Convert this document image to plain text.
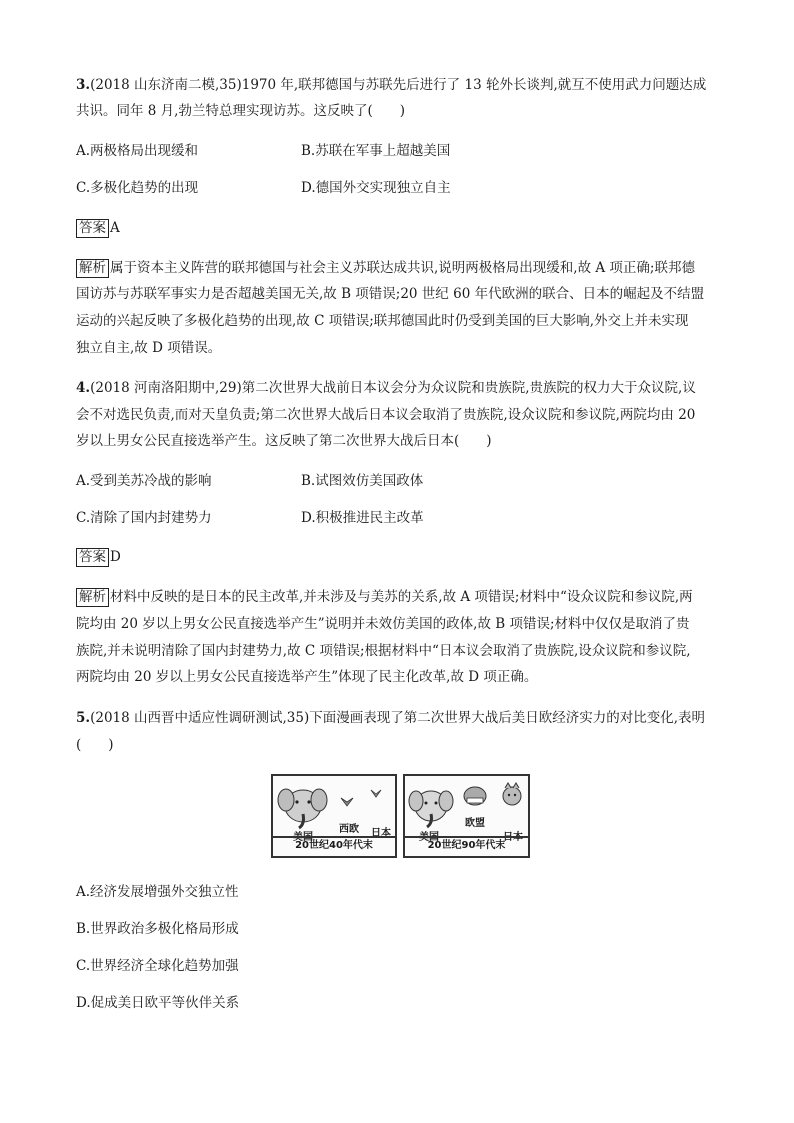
3.(2018 山东济南二模,35)1970 年,联邦德国与苏联先后进行了 13 轮外长谈判,就互不使用武力问题达成
共识。同年 8 月,勃兰特总理实现访苏。这反映了(　　)
A.两极格局出现缓和	B.苏联在军事上超越美国
C.多极化趋势的出现	D.德国外交实现独立自主
答案 A
解析 属于资本主义阵营的联邦德国与社会主义苏联达成共识,说明两极格局出现缓和,故 A 项正确;联邦德
国访苏与苏联军事实力是否超越美国无关,故 B 项错误;20 世纪 60 年代欧洲的联合、日本的崛起及不结盟
运动的兴起反映了多极化趋势的出现,故 C 项错误;联邦德国此时仍受到美国的巨大影响,外交上并未实现
独立自主,故 D 项错误。
4.(2018 河南洛阳期中,29)第二次世界大战前日本议会分为众议院和贵族院,贵族院的权力大于众议院,议
会不对选民负责,而对天皇负责;第二次世界大战后日本议会取消了贵族院,设众议院和参议院,两院均由 20
岁以上男女公民直接选举产生。这反映了第二次世界大战后日本(　　)
A.受到美苏冷战的影响	B.试图效仿美国政体
C.清除了国内封建势力	D.积极推进民主改革
答案 D
解析 材料中反映的是日本的民主改革,并未涉及与美苏的关系,故 A 项错误;材料中“设众议院和参议院,两
院均由 20 岁以上男女公民直接选举产生”说明并未效仿美国的政体,故 B 项错误;材料中仅仅是取消了贵
族院,并未说明清除了国内封建势力,故 C 项错误;根据材料中“日本议会取消了贵族院,设众议院和参议院,
两院均由 20 岁以上男女公民直接选举产生”体现了民主化改革,故 D 项正确。
5.(2018 山西晋中适应性调研测试,35)下面漫画表现了第二次世界大战后美日欧经济实力的对比变化,表明
(　　)
美国
西欧 日本
20世纪40年代末
美国
欧盟
日本
20世纪90年代末
A.经济发展增强外交独立性
B.世界政治多极化格局形成
C.世界经济全球化趋势加强
D.促成美日欧平等伙伴关系
